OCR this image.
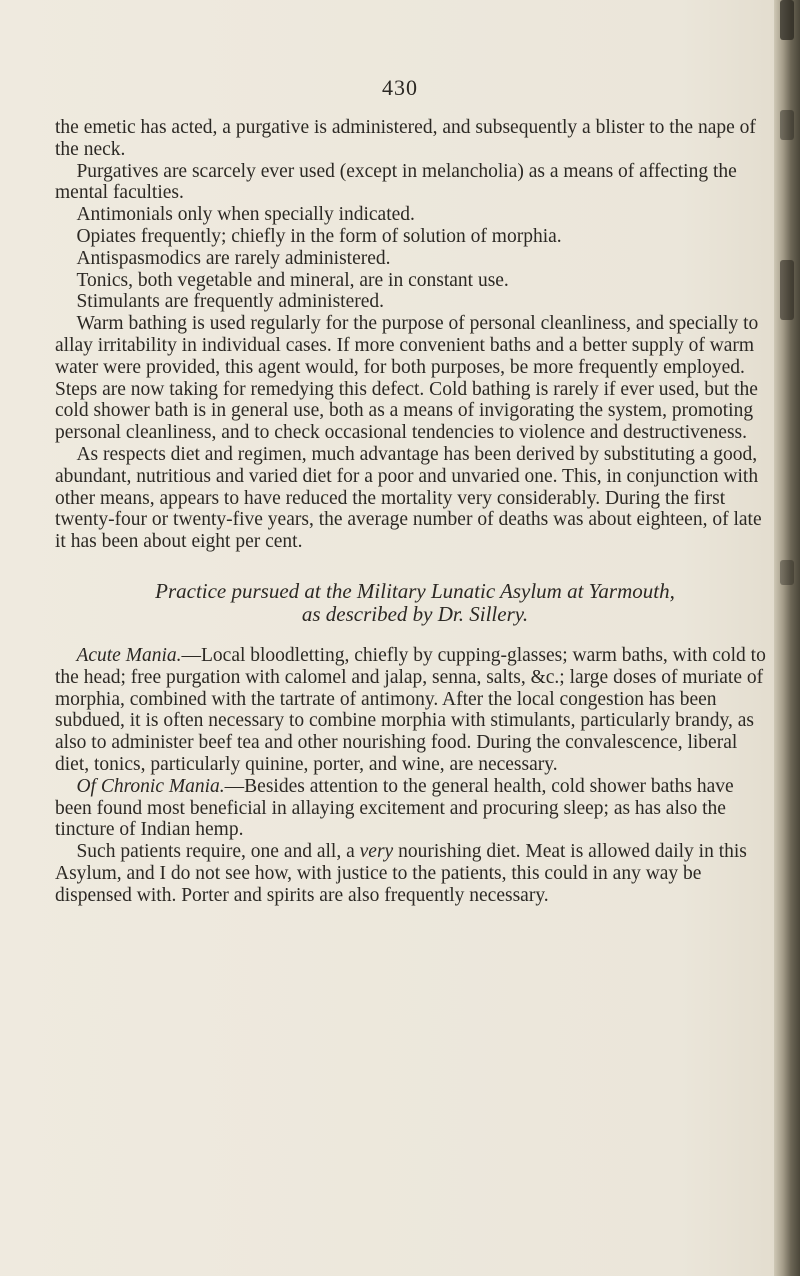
430

the emetic has acted, a purgative is administered, and subsequently a blister to the nape of the neck.

Purgatives are scarcely ever used (except in melancholia) as a means of affecting the mental faculties.

Antimonials only when specially indicated.

Opiates frequently; chiefly in the form of solution of morphia.

Antispasmodics are rarely administered.

Tonics, both vegetable and mineral, are in constant use.

Stimulants are frequently administered.

Warm bathing is used regularly for the purpose of personal cleanliness, and specially to allay irritability in individual cases. If more convenient baths and a better supply of warm water were provided, this agent would, for both purposes, be more frequently employed. Steps are now taking for remedying this defect. Cold bathing is rarely if ever used, but the cold shower bath is in general use, both as a means of invigorating the system, promoting personal cleanliness, and to check occasional tendencies to violence and destructiveness.

As respects diet and regimen, much advantage has been derived by substituting a good, abundant, nutritious and varied diet for a poor and unvaried one. This, in conjunction with other means, appears to have reduced the mortality very considerably. During the first twenty-four or twenty-five years, the average number of deaths was about eighteen, of late it has been about eight per cent.

Practice pursued at the Military Lunatic Asylum at Yarmouth,
as described by Dr. Sillery.

Acute Mania.—Local bloodletting, chiefly by cupping-glasses; warm baths, with cold to the head; free purgation with calomel and jalap, senna, salts, &c.; large doses of muriate of morphia, combined with the tartrate of antimony. After the local congestion has been subdued, it is often necessary to combine morphia with stimulants, particularly brandy, as also to administer beef tea and other nourishing food. During the convalescence, liberal diet, tonics, particularly quinine, porter, and wine, are necessary.

Of Chronic Mania.—Besides attention to the general health, cold shower baths have been found most beneficial in allaying excitement and procuring sleep; as has also the tincture of Indian hemp.

Such patients require, one and all, a very nourishing diet. Meat is allowed daily in this Asylum, and I do not see how, with justice to the patients, this could in any way be dispensed with. Porter and spirits are also frequently necessary.
